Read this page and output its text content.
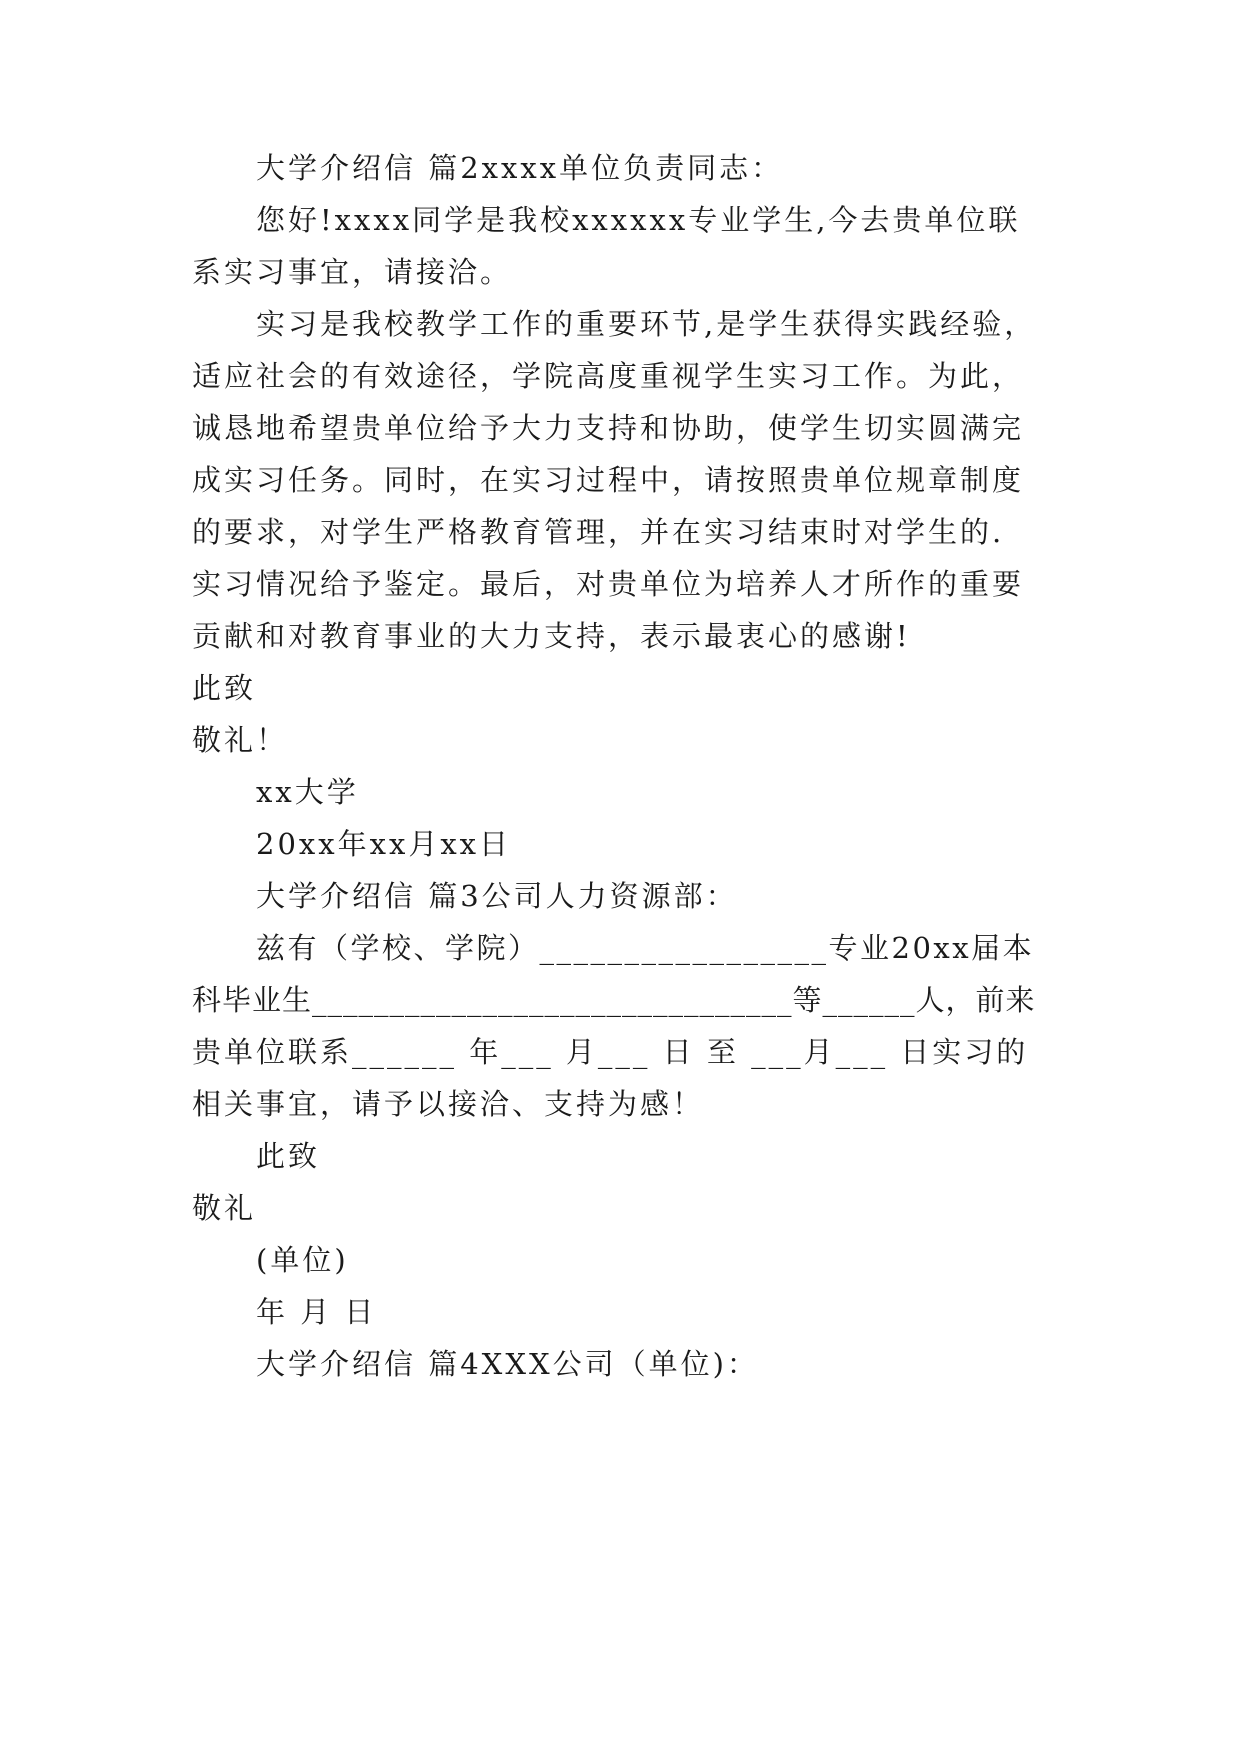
大学介绍信 篇2xxxx单位负责同志：
您好!xxxx同学是我校xxxxxx专业学生,今去贵单位联
系实习事宜，请接洽。
实习是我校教学工作的重要环节,是学生获得实践经验，
适应社会的有效途径，学院高度重视学生实习工作。为此，
诚恳地希望贵单位给予大力支持和协助，使学生切实圆满完
成实习任务。同时，在实习过程中，请按照贵单位规章制度
的要求，对学生严格教育管理，并在实习结束时对学生的.
实习情况给予鉴定。最后，对贵单位为培养人才所作的重要
贡献和对教育事业的大力支持，表示最衷心的感谢!
此致
敬礼！
xx大学
20xx年xx月xx日
大学介绍信 篇3公司人力资源部：
兹有（学校、学院）_________________专业20xx届本
科毕业生_______________________________等______人，前来
贵单位联系______ 年___ 月___ 日 至 ___月___ 日实习的
相关事宜，请予以接洽、支持为感！
此致
敬礼
(单位)
年 月 日
大学介绍信 篇4XXX公司（单位)：
